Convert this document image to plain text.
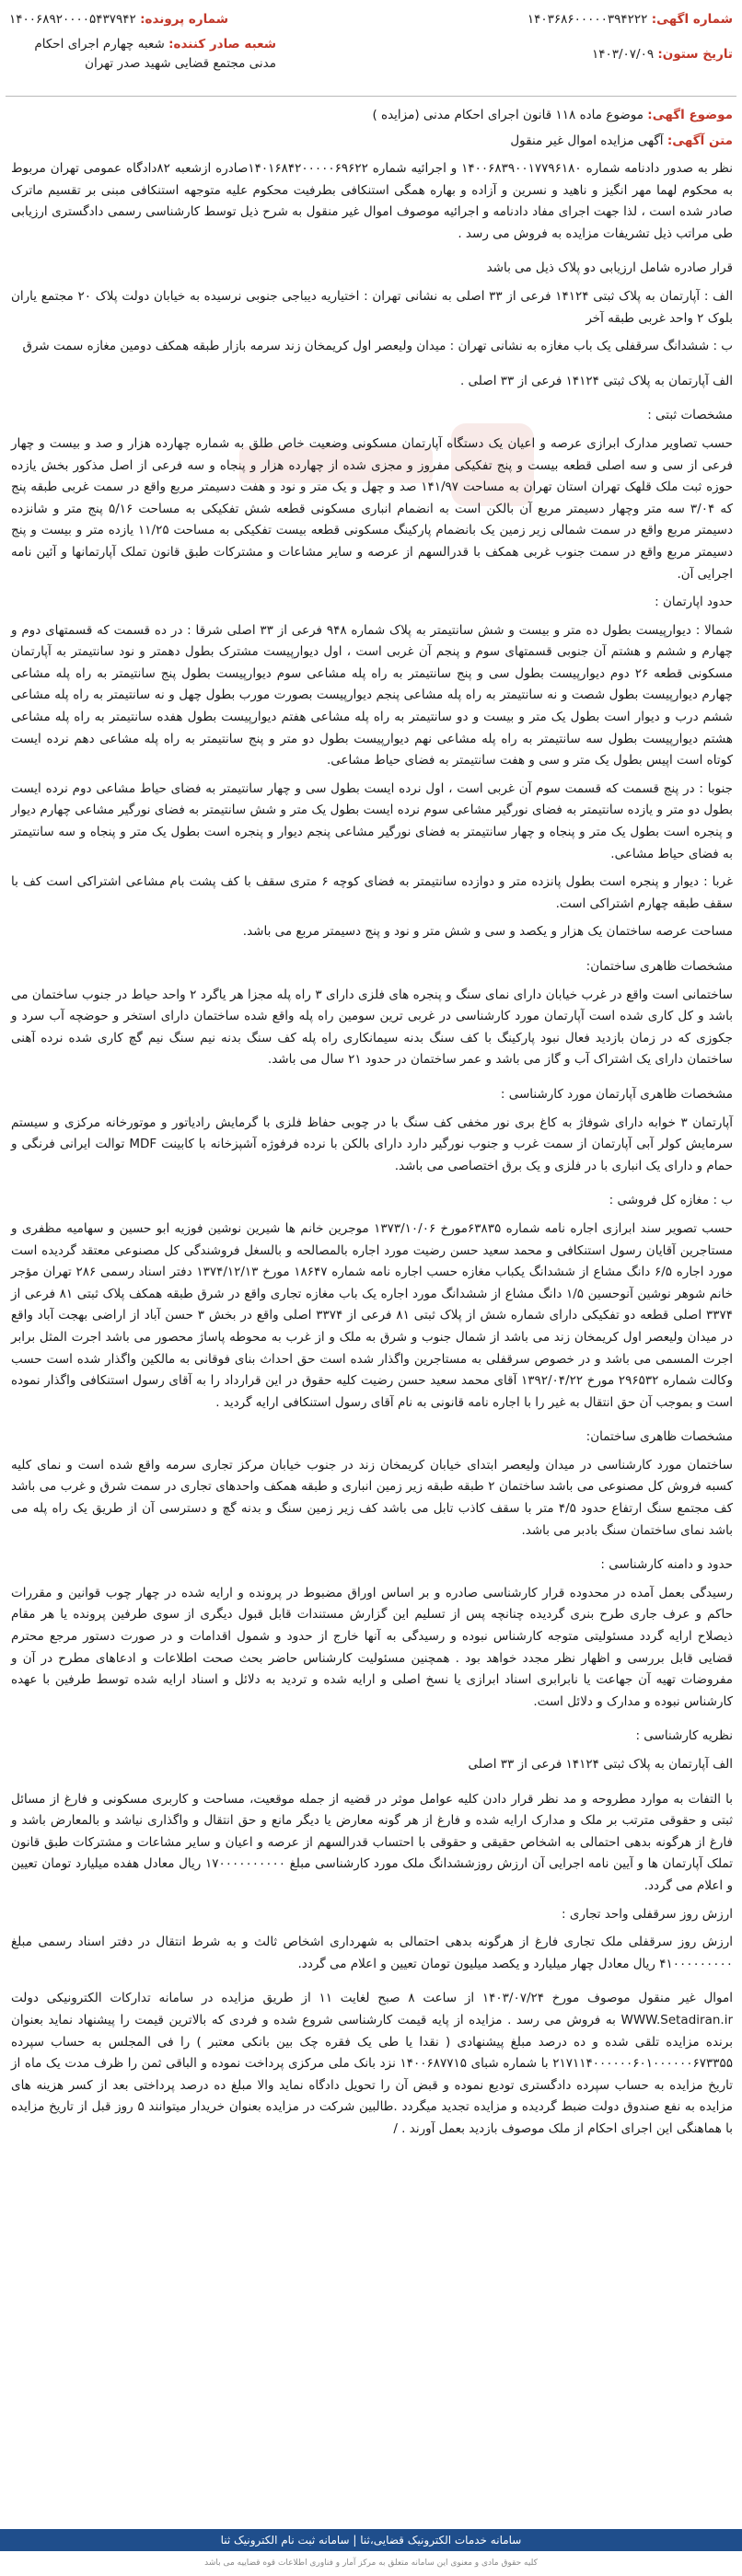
شماره اگهی: ۱۴۰۳۶۸۶۰۰۰۰۰۳۹۴۲۲۲
شماره پرونده: ۱۴۰۰۶۸۹۲۰۰۰۰۵۴۳۷۹۴۲
تاریخ ستون: ۱۴۰۳/۰۷/۰۹
شعبه صادر کننده: شعبه چهارم اجرای احکام مدنی مجتمع قضایی شهید صدر تهران
موضوع اگهی: موضوع ماده ۱۱۸ قانون اجرای احکام مدنی (مزایده )
متن آگهی: آگهی مزایده اموال غیر منقول

نظر به صدور دادنامه شماره ۱۴۰۰۶۸۳۹۰۰۱۷۷۹۶۱۸۰ و اجرائیه شماره ۱۴۰۱۶۸۴۲۰۰۰۰۰۶۹۶۲۲صادره ازشعبه ۸۲دادگاه عمومی تهران مربوط به محکوم لهما مهر انگیز و ناهید و نسرین و آزاده و بهاره همگی استنکافی بطرفیت محکوم علیه متوجهه استنکافی مبنی بر تقسیم ماترک صادر شده است ، لذا جهت اجرای مفاد دادنامه و اجرائیه موصوف اموال غیر منقول به شرح ذیل توسط کارشناسی رسمی دادگستری ارزیابی طی مراتب ذیل تشریفات مزایده به فروش می رسد .

قرار صادره شامل ارزیابی دو پلاک ذیل می باشد

الف : آپارتمان به پلاک ثبتی ۱۴۱۲۴ فرعی از ۳۳ اصلی به نشانی تهران : اختیاریه دیباجی جنوبی نرسیده به خیابان دولت پلاک ۲۰ مجتمع یاران بلوک ۲ واحد غربی طبقه آخر

ب : ششدانگ سرقفلی یک باب مغازه به نشانی تهران : میدان ولیعصر اول کریمخان زند سرمه بازار طبقه همکف دومین مغازه سمت شرق

الف آپارتمان به پلاک ثبتی ۱۴۱۲۴ فرعی از ۳۳ اصلی .

مشخصات ثبتی :

حسب تصاویر مدارک ابرازی عرصه و اعیان یک دستگاه آپارتمان مسکونی وضعیت خاص طلق به شماره چهارده هزار و صد و بیست و چهار فرعی از سی و سه اصلی قطعه بیست و پنج تفکیکی مفروز و مجزی شده از چهارده هزار و پنجاه و سه فرعی از اصل مذکور بخش یازده حوزه ثبت ملک قلهک تهران استان تهران به مساحت ۱۴۱/۹۷ صد و چهل و یک متر و نود و هفت دسیمتر مربع واقع در سمت غربی طبقه پنج که ۳/۰۴ سه متر وچهار دسیمتر مربع آن بالکن است به انضمام انباری مسکونی قطعه شش تفکیکی به مساحت ۵/۱۶ پنج متر و شانزده دسیمتر مربع واقع در سمت شمالی زیر زمین یک بانضمام پارکینگ مسکونی قطعه بیست تفکیکی به مساحت ۱۱/۲۵ یازده متر و بیست و پنج دسیمتر مربع واقع در سمت جنوب غربی همکف با قدرالسهم از عرصه و سایر مشاعات و مشترکات طبق قانون تملک آپارتمانها و آئین نامه اجرایی آن.

حدود اپارتمان :

شمالا : دیوارپیست بطول ده متر و بیست و شش سانتیمتر به پلاک شماره ۹۴۸ فرعی از ۳۳ اصلی شرقا : در ده قسمت که قسمتهای دوم و چهارم و ششم و هشتم آن جنوبی قسمتهای سوم و پنجم آن غربی است ، اول دیوارپیست مشترک بطول دهمتر و نود سانتیمتر به آپارتمان مسکونی قطعه ۲۶ دوم دیوارپیست بطول سی و پنج سانتیمتر به راه پله مشاعی سوم دیوارپیست بطول پنج سانتیمتر به راه پله مشاعی چهارم دیوارپیست بطول شصت و نه سانتیمتر به راه پله مشاعی پنجم دیوارپیست بصورت مورب بطول چهل و نه سانتیمتر به راه پله مشاعی ششم درب و دیوار است بطول یک متر و بیست و دو سانتیمتر به راه پله مشاعی هفتم دیوارپیست بطول هفده سانتیمتر به راه پله مشاعی هشتم دیوارپیست بطول سه سانتیمتر به راه پله مشاعی نهم دیوارپیست بطول دو متر و پنج سانتیمتر به راه پله مشاعی دهم نرده ایست کوتاه است اپیس بطول یک متر و سی و هفت سانتیمتر به فضای حیاط مشاعی.

جنوبا : در پنج قسمت که قسمت سوم آن غربی است ، اول نرده ایست بطول سی و چهار سانتیمتر به فضای حیاط مشاعی دوم نرده ایست بطول دو متر و یازده سانتیمتر به فضای نورگیر مشاعی سوم نرده ایست بطول یک متر و شش سانتیمتر به فضای نورگیر مشاعی چهارم دیوار و پنجره است بطول یک متر و پنجاه و چهار سانتیمتر به فضای نورگیر مشاعی پنجم دیوار و پنجره است بطول یک متر و پنجاه و سه سانتیمتر به فضای حیاط مشاعی.

غربا : دیوار و پنجره است بطول پانزده متر و دوازده سانتیمتر به فضای کوچه ۶ متری سقف با کف پشت بام مشاعی اشتراکی است کف با سقف طبقه چهارم اشتراکی است.

مساحت عرصه ساختمان یک هزار و یکصد و سی و شش متر و نود و پنج دسیمتر مربع می باشد.

مشخصات ظاهری ساختمان:

ساختمانی است واقع در غرب خیابان دارای نمای سنگ و پنجره های فلزی دارای ۳ راه پله مجزا هر یاگرد ۲ واحد حیاط در جنوب ساختمان می باشد و کل کاری شده است آپارتمان مورد کارشناسی در غربی ترین سومین راه پله واقع شده ساختمان دارای استخر و حوضچه آب سرد و جکوزی که در زمان بازدید فعال نبود پارکینگ با کف سنگ بدنه سیمانکاری راه پله کف سنگ بدنه نیم سنگ نیم گچ کاری شده نرده آهنی ساختمان دارای یک اشتراک آب و گاز می باشد و عمر ساختمان در حدود ۲۱ سال می باشد.

مشخصات ظاهری آپارتمان مورد کارشناسی :

آپارتمان ۳ خوابه دارای شوفاژ به کاغ بری نور مخفی کف سنگ با در چوبی حفاظ فلزی با گرمایش رادیاتور و موتورخانه مرکزی و سیستم سرمایش کولر آبی آپارتمان از سمت غرب و جنوب نورگیر دارد دارای بالکن با نرده فرفوژه آشپزخانه با کابینت MDF توالت ایرانی فرنگی و حمام و دارای یک انباری با در فلزی و یک برق اختصاصی می باشد.

ب : مغازه کل فروشی :

حسب تصویر سند ابرازی اجاره نامه شماره ۶۳۸۳۵مورخ ۱۳۷۳/۱۰/۰۶ موجرین خانم ها شیرین نوشین فوزیه ابو حسین و سهامیه مظفری و مستاجرین آقایان رسول استنکافی و محمد سعید حسن رضیت مورد اجاره بالمصالحه و بالسغل فروشندگی کل مصنوعی معتقد گردیده است مورد اجاره ۶/۵ دانگ مشاع از ششدانگ یکباب مغازه حسب اجاره نامه شماره ۱۸۶۴۷ مورخ ۱۳۷۴/۱۲/۱۳ دفتر اسناد رسمی ۲۸۶ تهران مؤجر خانم شوهر نوشین آنوحسین ۱/۵ دانگ مشاع از ششدانگ مورد اجاره یک باب مغازه تجاری واقع در شرق طبقه همکف پلاک ثبتی ۸۱ فرعی از ۳۳۷۴ اصلی قطعه دو تفکیکی دارای شماره شش از پلاک ثبتی ۸۱ فرعی از ۳۳۷۴ اصلی واقع در بخش ۳ حسن آباد از اراضی بهجت آباد واقع در میدان ولیعصر اول کریمخان زند می باشد از شمال جنوب و شرق به ملک و از غرب به محوطه پاساژ محصور می باشد اجرت المثل برابر اجرت المسمی می باشد و در خصوص سرقفلی به مستاجرین واگذار شده است حق احداث بنای فوقانی به مالکین واگذار شده است حسب وکالت شماره ۲۹۶۵۳۲ مورخ ۱۳۹۲/۰۴/۲۲ آقای محمد سعید حسن رضیت کلیه حقوق در این قرارداد را به آقای رسول استنکافی واگذار نموده است و بموجب آن حق انتقال به غیر را با اجاره نامه قانونی به نام آقای رسول استنکافی ارایه گردید .

مشخصات ظاهری ساختمان:

ساختمان مورد کارشناسی در میدان ولیعصر ابتدای خیابان کریمخان زند در جنوب خیابان مرکز تجاری سرمه واقع شده است و نمای کلیه کسبه فروش کل مصنوعی می باشد ساختمان ۲ طبقه طبقه زیر زمین انباری و طبقه همکف واحدهای تجاری در سمت شرق و غرب می باشد کف مجتمع سنگ ارتفاع حدود ۴/۵ متر با سقف کاذب تابل می باشد کف زیر زمین سنگ و بدنه گچ و دسترسی آن از طریق یک راه پله می باشد نمای ساختمان سنگ بادبر می باشد.

حدود و دامنه کارشناسی :

رسیدگی بعمل آمده در محدوده قرار کارشناسی صادره و بر اساس اوراق مضبوط در پرونده و ارایه شده در چهار چوب قوانین و مقررات حاکم و عرف جاری طرح بنری گردیده چنانچه پس از تسلیم این گزارش مستندات قابل قبول دیگری از سوی طرفین پرونده یا هر مقام ذیصلاح ارایه گردد مسئولیتی متوجه کارشناس نبوده و رسیدگی به آنها خارج از حدود و شمول اقدامات و در صورت دستور مرجع محترم قضایی قابل بررسی و اظهار نظر مجدد خواهد بود . همچنین مسئولیت کارشناس حاضر بحث صحت اطلاعات و ادعاهای مطرح در آن و مفروضات تهیه آن جهاعت یا نابرابری اسناد ابرازی یا نسخ اصلی و ارایه شده و تردید به دلائل و اسناد ارایه شده توسط طرفین با عهده کارشناس نبوده و مدارک و دلائل است.

نظریه کارشناسی :

الف آپارتمان به پلاک ثبتی ۱۴۱۲۴ فرعی از ۳۳ اصلی

با التفات به موارد مطروحه و مد نظر قرار دادن کلیه عوامل موثر در قضیه از جمله موقعیت، مساحت و کاربری مسکونی و فارغ از مسائل ثبتی و حقوقی مترتب بر ملک و مدارک ارایه شده و فارغ از هر گونه معارض یا دیگر مانع و حق انتقال و واگذاری نیاشد و بالمعارض باشد و فارغ از هرگونه بدهی احتمالی به اشخاص حقیقی و حقوقی با احتساب قدرالسهم از عرصه و اعیان و سایر مشاعات و مشترکات طبق قانون تملک آپارتمان ها و آیین نامه اجرایی آن ارزش روزششدانگ ملک مورد کارشناسی مبلغ ۱۷۰۰۰۰۰۰۰۰۰۰ ریال معادل هفده میلیارد تومان تعیین و اعلام می گردد.

ارزش روز سرقفلی واحد تجاری :

ارزش روز سرقفلی ملک تجاری فارغ از هرگونه بدهی احتمالی به شهرداری اشخاص ثالث و به شرط انتقال در دفتر اسناد رسمی مبلغ ۴۱۰۰۰۰۰۰۰۰۰ ریال معادل چهار میلیارد و یکصد میلیون تومان تعیین و اعلام می گردد.

اموال غیر منقول موصوف مورخ ۱۴۰۳/۰۷/۲۴ از ساعت ۸ صبح لغایت ۱۱ از طریق مزایده در سامانه تدارکات الکترونیکی دولت WWW.Setadiran.ir به فروش می رسد . مزایده از پایه قیمت کارشناسی شروع شده و فردی که بالاترین قیمت را پیشنهاد نماید بعنوان برنده مزایده تلقی شده و ده درصد مبلغ پیشنهادی ( نقدا یا طی یک فقره چک بین بانکی معتبر ) را فی المجلس به حساب سپرده ۲۱۷۱۱۴۰۰۰۰۰۰۶۰۱۰۰۰۰۰۰۶۷۳۳۵۵ با شماره شبای ۱۴۰۰۶۸۷۷۱۵ نزد بانک ملی مرکزی پرداخت نموده و الباقی ثمن را ظرف مدت یک ماه از تاریخ مزایده به حساب سپرده دادگستری تودیع نموده و قبض آن را تحویل دادگاه نماید والا مبلغ ده درصد پرداختی بعد از کسر هزینه های مزایده به نفع صندوق دولت ضبط گردیده و مزایده تجدید میگردد .طالبین شرکت در مزایده بعنوان خریدار میتوانند ۵ روز قبل از تاریخ مزایده با هماهنگی این اجرای احکام از ملک موصوف بازدید بعمل آورند . /

سامانه خدمات الکترونیک قضایی،ثنا | سامانه ثبت نام الکترونیک ثنا
کلیه حقوق مادی و معنوی این سامانه متعلق به مرکز آمار و فناوری اطلاعات قوه قضاییه می باشد
